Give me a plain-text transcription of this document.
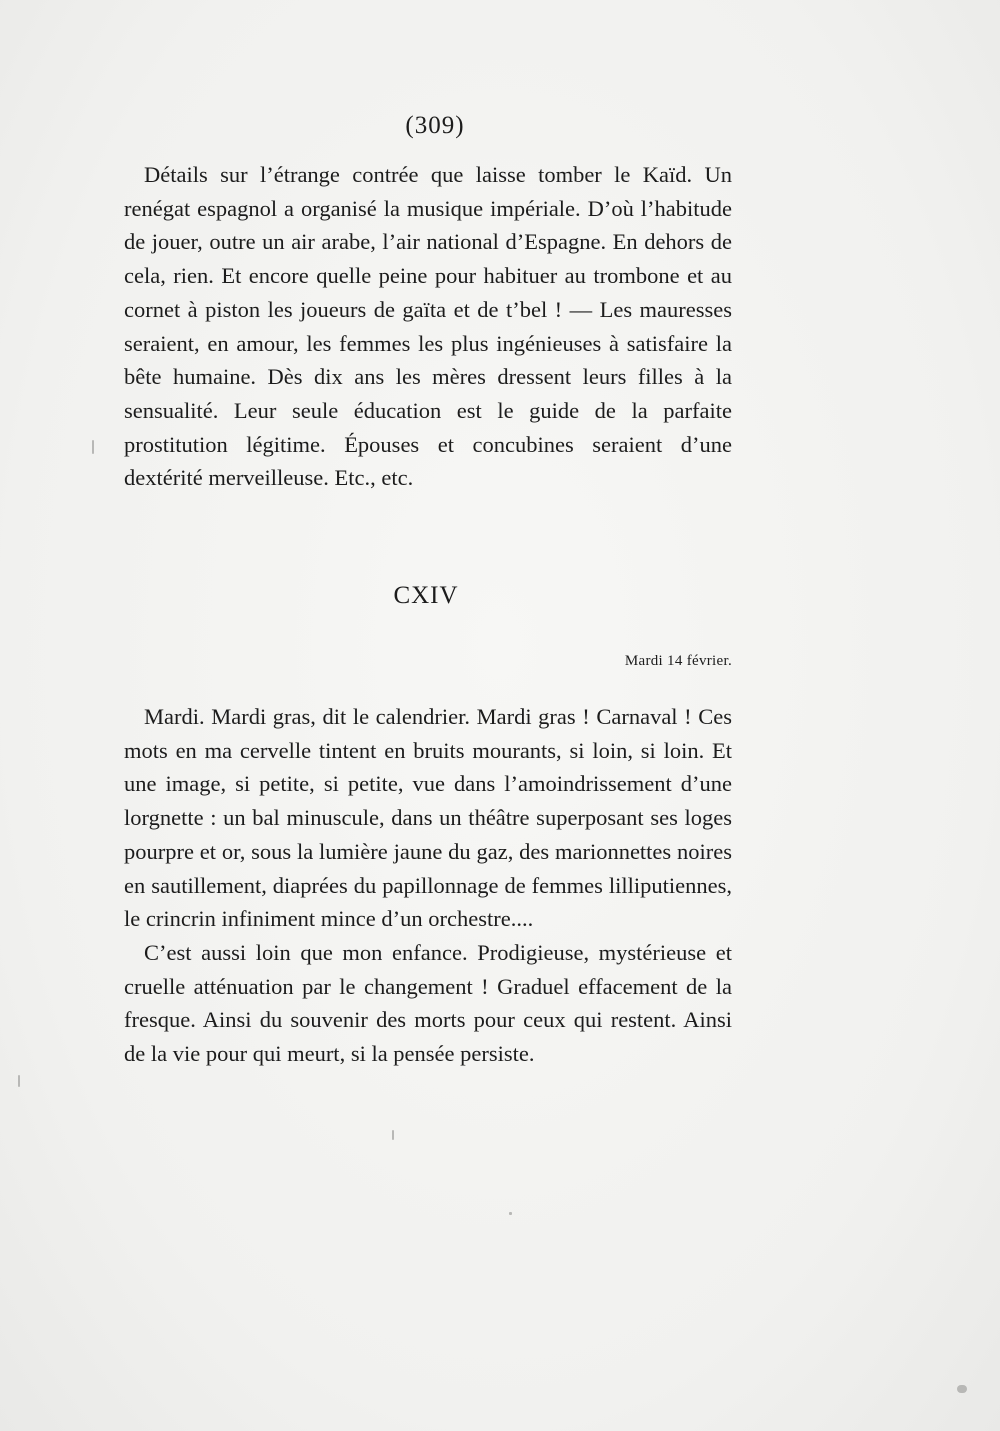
(309)

Détails sur l’étrange contrée que laisse tomber le Kaïd. Un renégat espagnol a organisé la musique impériale. D’où l’habitude de jouer, outre un air arabe, l’air national d’Espagne. En dehors de cela, rien. Et encore quelle peine pour habituer au trombone et au cornet à piston les joueurs de gaïta et de t’bel ! — Les mauresses seraient, en amour, les femmes les plus ingénieuses à satisfaire la bête humaine. Dès dix ans les mères dressent leurs filles à la sensualité. Leur seule éducation est le guide de la parfaite prostitution légitime. Épouses et concubines seraient d’une dextérité merveilleuse. Etc., etc.

CXIV
Mardi 14 février.

Mardi. Mardi gras, dit le calendrier. Mardi gras ! Carnaval ! Ces mots en ma cervelle tintent en bruits mourants, si loin, si loin. Et une image, si petite, si petite, vue dans l’amoindrissement d’une lorgnette : un bal minuscule, dans un théâtre superposant ses loges pourpre et or, sous la lumière jaune du gaz, des marionnettes noires en sautillement, diaprées du papillonnage de femmes lilliputiennes, le crincrin infiniment mince d’un orchestre....

C’est aussi loin que mon enfance. Prodigieuse, mystérieuse et cruelle atténuation par le changement ! Graduel effacement de la fresque. Ainsi du souvenir des morts pour ceux qui restent. Ainsi de la vie pour qui meurt, si la pensée persiste.
